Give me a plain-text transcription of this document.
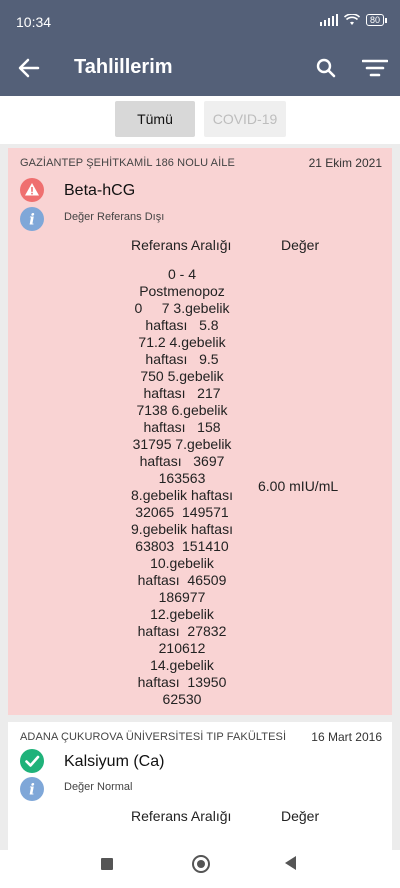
10:34	80
Tahlillerim
Tümü	COVID-19
GAZİANTEP ŞEHİTKAMİL 186 NOLU AİLE	21 Ekim 2021
Beta-hCG
i	Değer Referans Dışı
Referans Aralığı	Değer
0 - 4
Postmenopoz
0     7 3.gebelik
haftası   5.8
71.2 4.gebelik
haftası   9.5
750 5.gebelik
haftası   217
7138 6.gebelik
haftası   158
31795 7.gebelik
haftası   3697
163563
8.gebelik haftası
32065  149571
9.gebelik haftası
63803  151410
10.gebelik
haftası  46509
186977
12.gebelik
haftası  27832
210612
14.gebelik
haftası  13950
62530
6.00 mIU/mL
ADANA ÇUKUROVA ÜNİVERSİTESİ TIP FAKÜLTESİ 16 Mart 2016
Kalsiyum (Ca)
i	Değer Normal
Referans Aralığı	Değer
